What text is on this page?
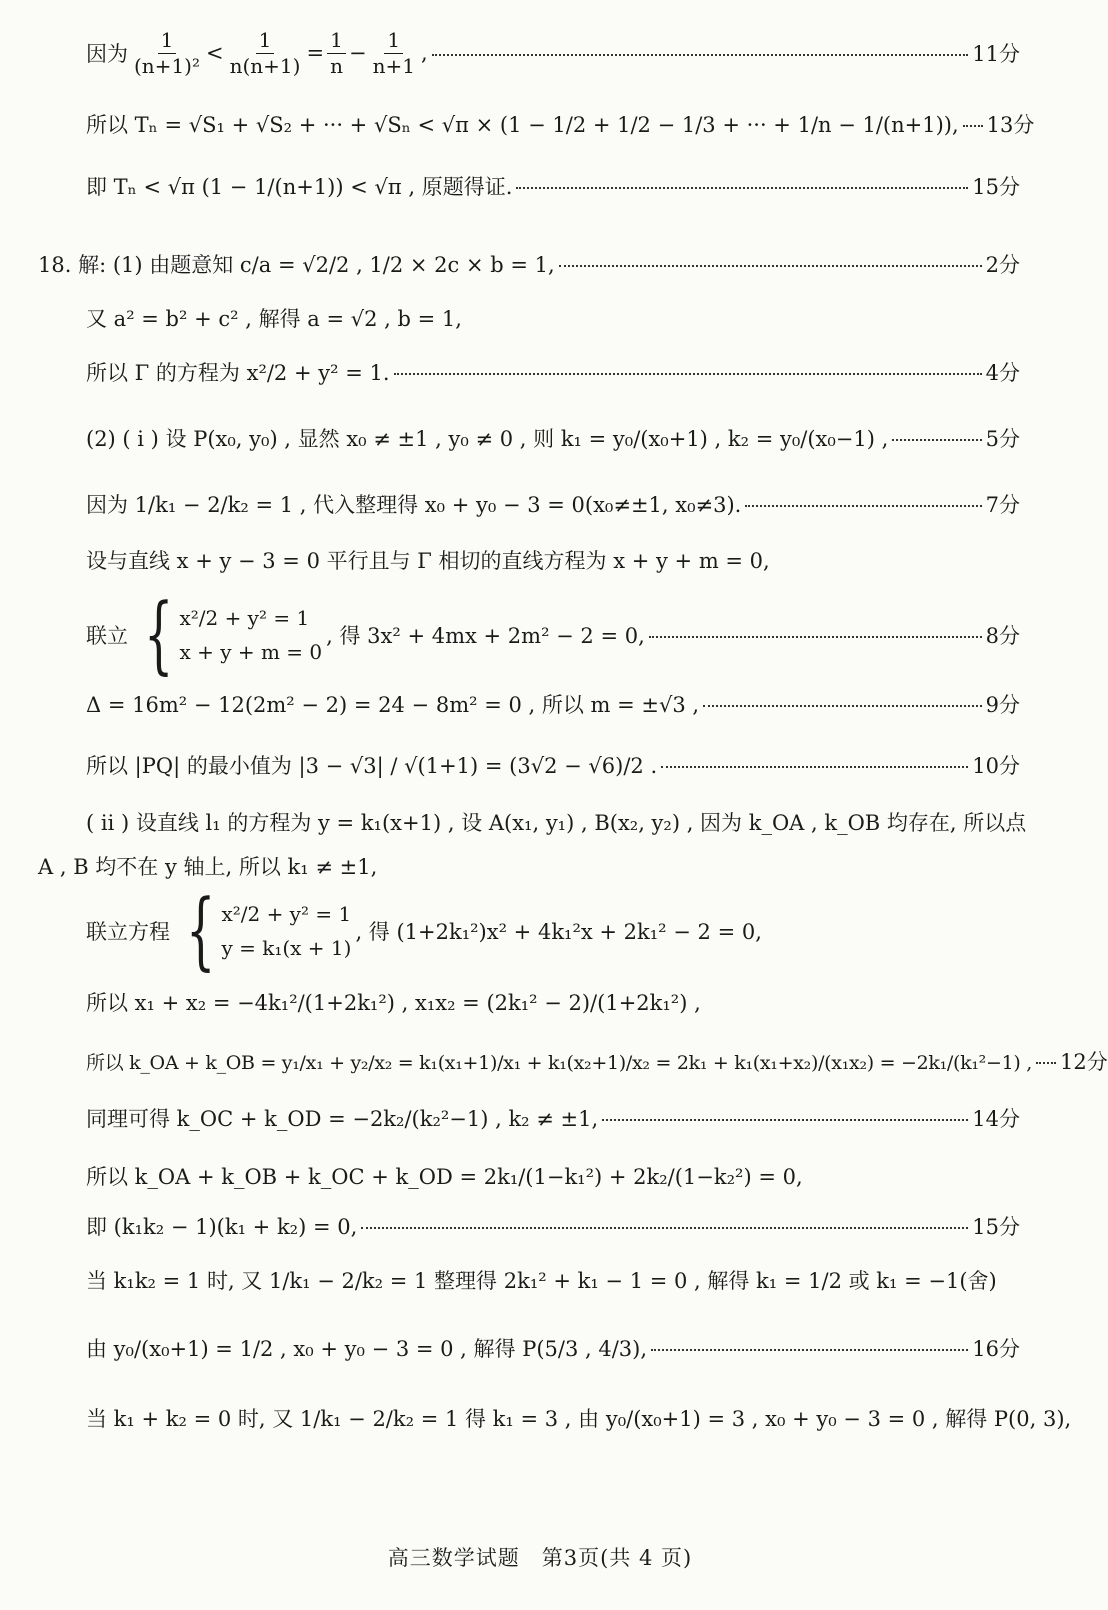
因为 $\frac{1}{\text{(n+1)²}} < \frac{1}{n(n+1)} = \frac{1}{n} - \frac{1}{n+1}$ ,	11分
所以 Tₙ = √S₁ + √S₂ + ··· + √Sₙ < √π × (1 − 1/2 + 1/2 − 1/3 + ··· + 1/n − 1/(n+1)), 13分
即 Tₙ < √π (1 − 1/(n+1)) < √π , 原题得证.	15分
18. 解: (1) 由题意知 c/a = √2/2 , 1/2 × 2c × b = 1,	2分
又 a² = b² + c² , 解得 a = √2 , b = 1,
所以 Γ 的方程为 x²/2 + y² = 1.	4分
(2) ( ⅰ ) 设 P(x₀, y₀) , 显然 x₀ ≠ ±1 , y₀ ≠ 0 , 则 k₁ = y₀/(x₀+1) , k₂ = y₀/(x₀−1) ,	5分
因为 1/k₁ − 2/k₂ = 1 , 代入整理得 x₀ + y₀ − 3 = 0(x₀≠±1, x₀≠3).	7分
设与直线 x + y − 3 = 0 平行且与 Γ 相切的直线方程为 x + y + m = 0,
联立 { x²/2 + y² = 1
x + y + m = 0
, 得 3x² + 4mx + 2m² − 2 = 0,	8分
Δ = 16m² − 12(2m² − 2) = 24 − 8m² = 0 , 所以 m = ±√3 ,	9分
所以 |PQ| 的最小值为 |3 − √3| / √(1+1) = (3√2 − √6)/2 .	10分
( ⅱ ) 设直线 l₁ 的方程为 y = k₁(x+1) , 设 A(x₁, y₁) , B(x₂, y₂) , 因为 k_OA , k_OB 均存在, 所以点
A , B 均不在 y 轴上, 所以 k₁ ≠ ±1,
联立方程 { x²/2 + y² = 1
y = k₁(x + 1)
, 得 (1+2k₁²)x² + 4k₁²x + 2k₁² − 2 = 0,
所以 x₁ + x₂ = −4k₁²/(1+2k₁²) , x₁x₂ = (2k₁² − 2)/(1+2k₁²) ,
所以 k_OA + k_OB = y₁/x₁ + y₂/x₂ = k₁(x₁+1)/x₁ + k₁(x₂+1)/x₂ = 2k₁ + k₁(x₁+x₂)/(x₁x₂) = −2k₁/(k₁²−1) , 12分
同理可得 k_OC + k_OD = −2k₂/(k₂²−1) , k₂ ≠ ±1,	14分
所以 k_OA + k_OB + k_OC + k_OD = 2k₁/(1−k₁²) + 2k₂/(1−k₂²) = 0,
即 (k₁k₂ − 1)(k₁ + k₂) = 0,	15分
当 k₁k₂ = 1 时, 又 1/k₁ − 2/k₂ = 1 整理得 2k₁² + k₁ − 1 = 0 , 解得 k₁ = 1/2 或 k₁ = −1(舍)
由 y₀/(x₀+1) = 1/2 , x₀ + y₀ − 3 = 0 , 解得 P(5/3 , 4/3),	16分
当 k₁ + k₂ = 0 时, 又 1/k₁ − 2/k₂ = 1 得 k₁ = 3 , 由 y₀/(x₀+1) = 3 , x₀ + y₀ − 3 = 0 , 解得 P(0, 3),
高三数学试题　第3页(共 4 页)
